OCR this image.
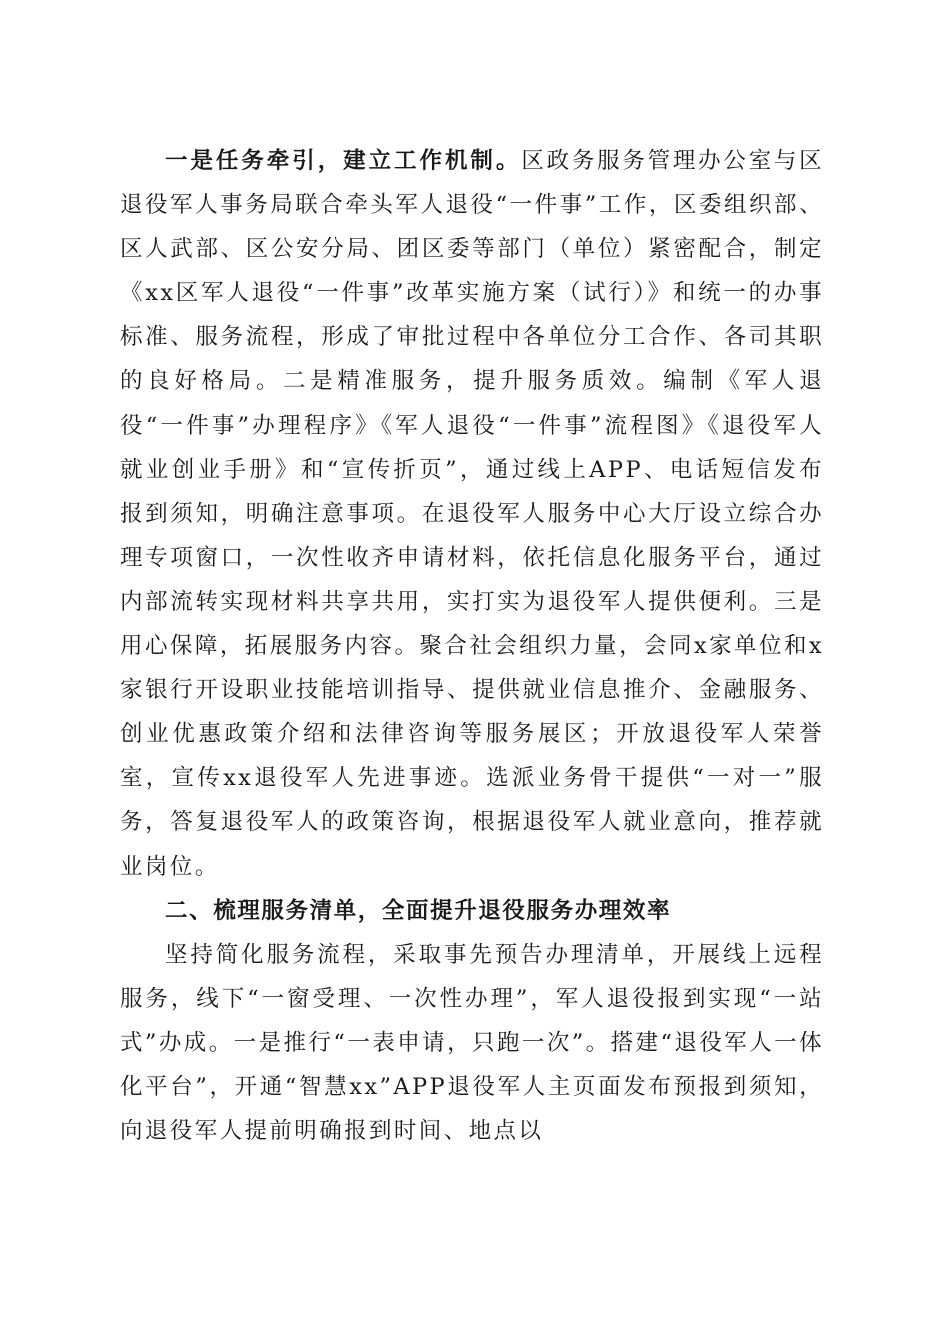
一是任务牵引，建立工作机制。区政务服务管理办公室与区退役军人事务局联合牵头军人退役“一件事”工作，区委组织部、区人武部、区公安分局、团区委等部门（单位）紧密配合，制定《xx区军人退役“一件事”改革实施方案（试行）》和统一的办事标准、服务流程，形成了审批过程中各单位分工合作、各司其职的良好格局。二是精准服务，提升服务质效。编制《军人退役“一件事”办理程序》《军人退役“一件事”流程图》《退役军人就业创业手册》和“宣传折页”，通过线上APP、电话短信发布报到须知，明确注意事项。在退役军人服务中心大厅设立综合办理专项窗口，一次性收齐申请材料，依托信息化服务平台，通过内部流转实现材料共享共用，实打实为退役军人提供便利。三是用心保障，拓展服务内容。聚合社会组织力量，会同x家单位和x家银行开设职业技能培训指导、提供就业信息推介、金融服务、创业优惠政策介绍和法律咨询等服务展区；开放退役军人荣誉室，宣传xx退役军人先进事迹。选派业务骨干提供“一对一”服务，答复退役军人的政策咨询，根据退役军人就业意向，推荐就业岗位。

二、梳理服务清单，全面提升退役服务办理效率

坚持简化服务流程，采取事先预告办理清单，开展线上远程服务，线下“一窗受理、一次性办理”，军人退役报到实现“一站式”办成。一是推行“一表申请，只跑一次”。搭建“退役军人一体化平台”，开通“智慧xx”APP退役军人主页面发布预报到须知，向退役军人提前明确报到时间、地点以
